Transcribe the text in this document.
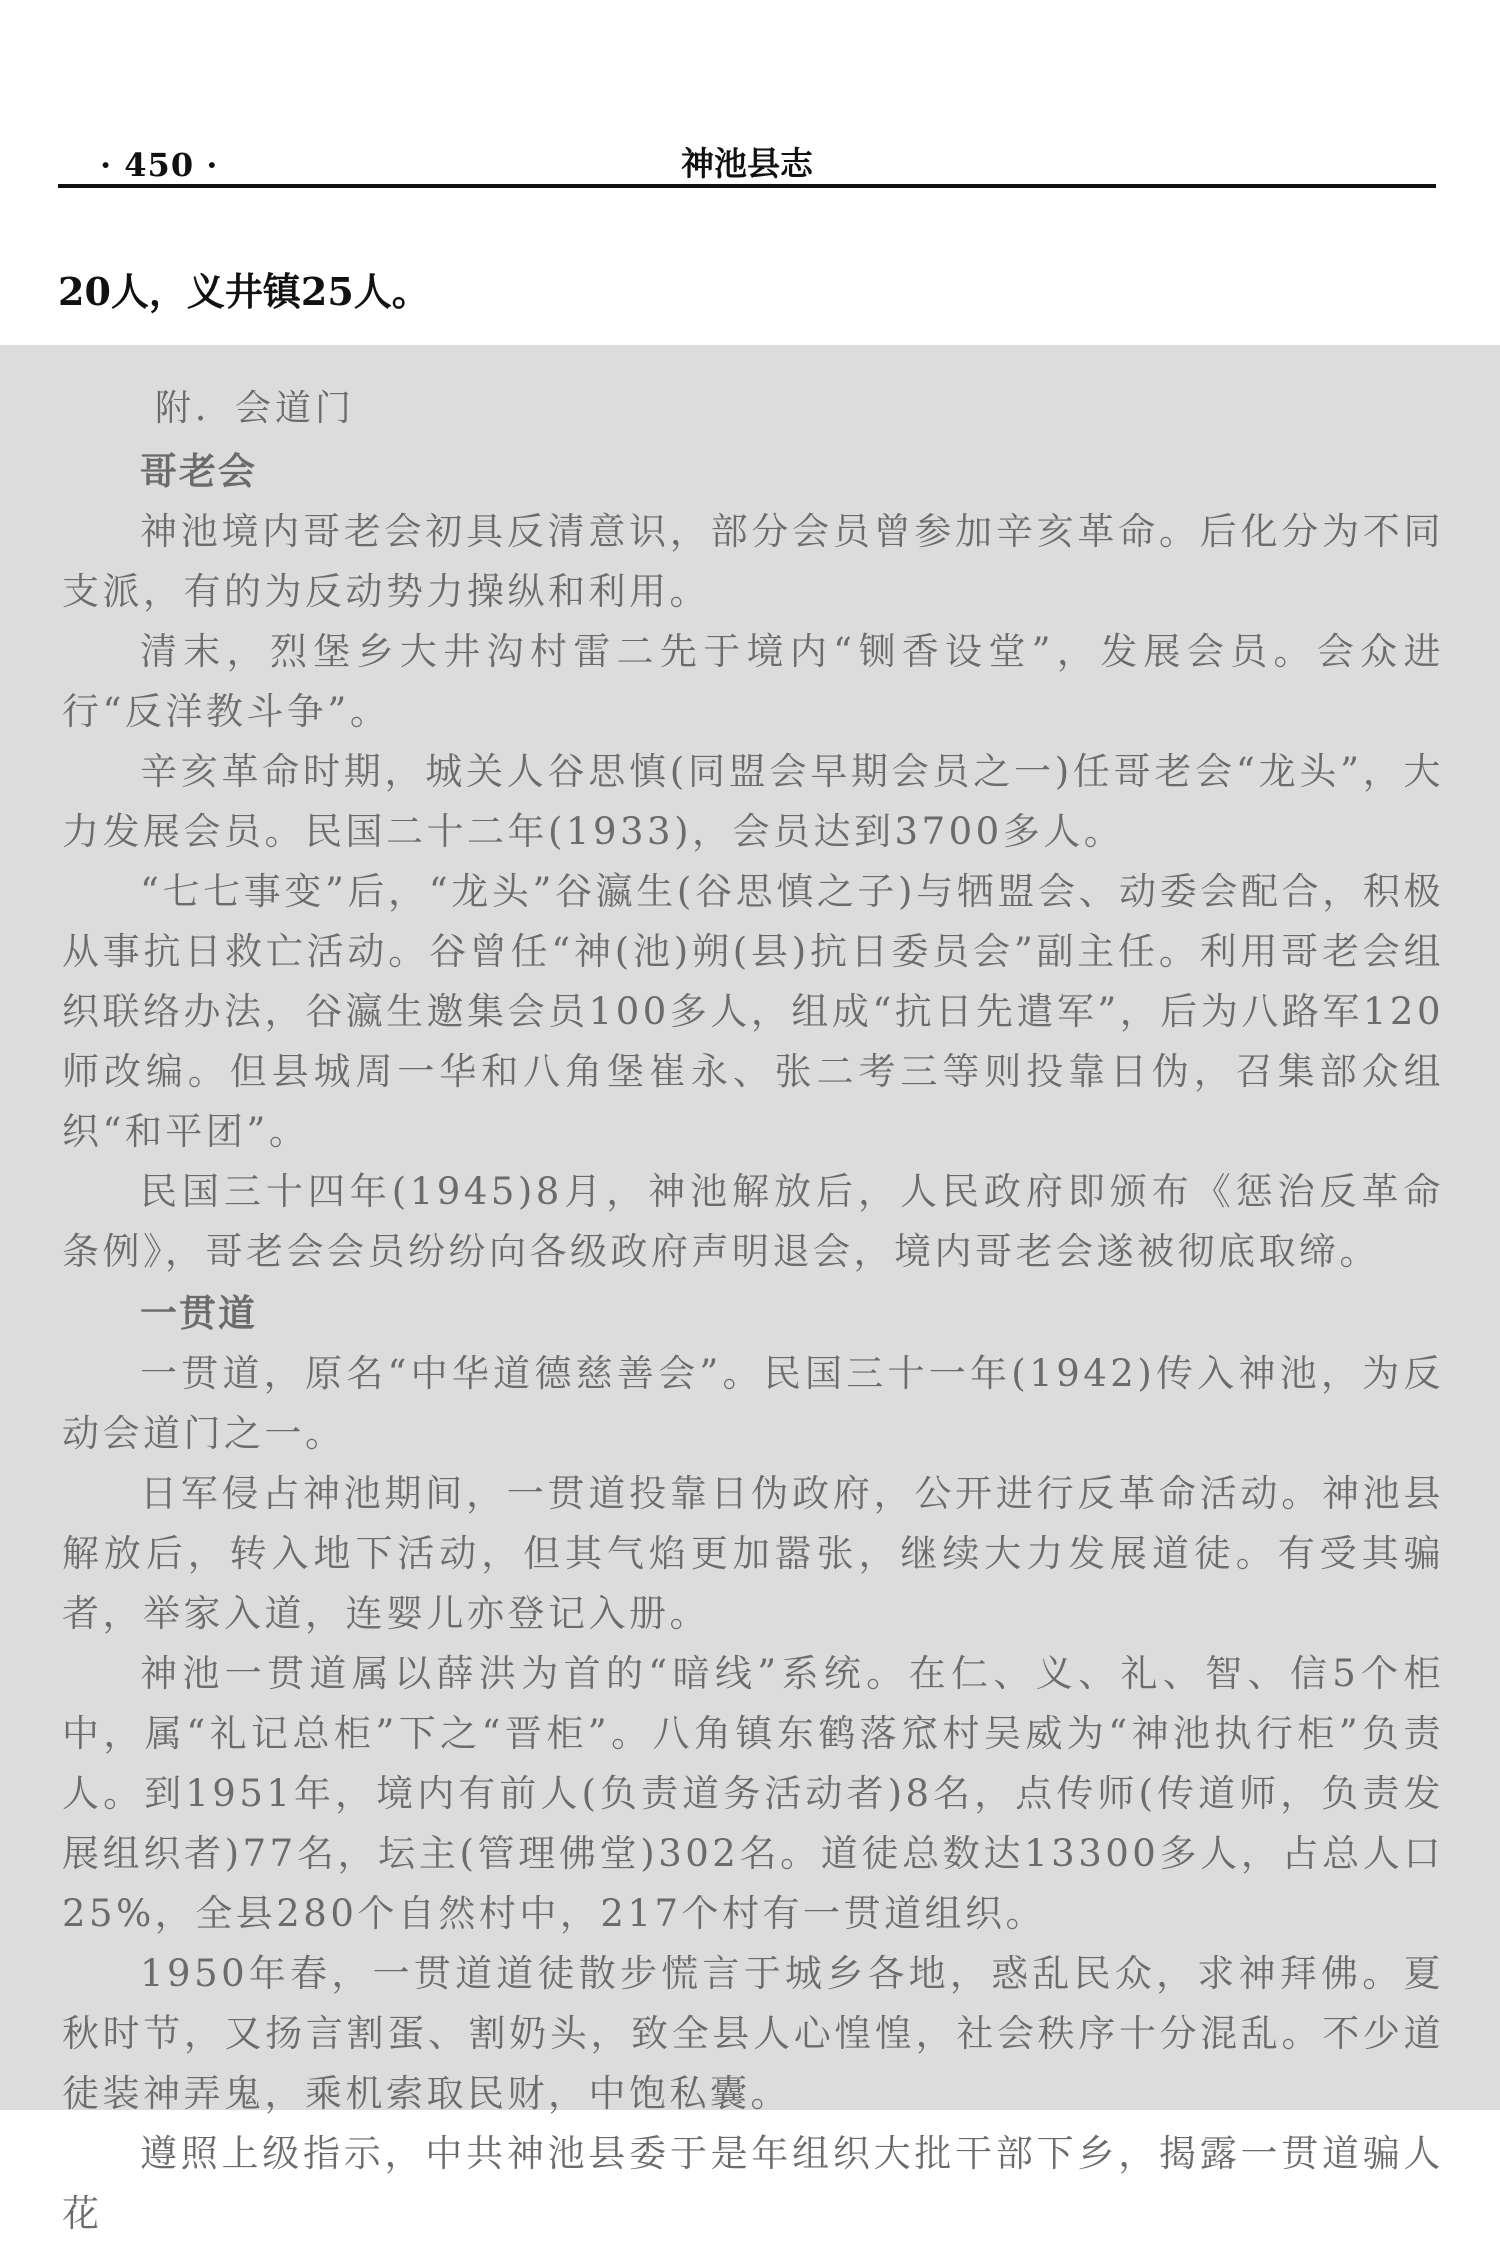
· 450 ·	神池县志
20人，义井镇25人。
附．会道门
哥老会

神池境内哥老会初具反清意识，部分会员曾参加辛亥革命。后化分为不同支派，有的为反动势力操纵和利用。

清末，烈堡乡大井沟村雷二先于境内“铡香设堂”，发展会员。会众进行“反洋教斗争”。

辛亥革命时期，城关人谷思慎(同盟会早期会员之一)任哥老会“龙头”，大力发展会员。民国二十二年(1933)，会员达到3700多人。

“七七事变”后，“龙头”谷瀛生(谷思慎之子)与牺盟会、动委会配合，积极从事抗日救亡活动。谷曾任“神(池)朔(县)抗日委员会”副主任。利用哥老会组织联络办法，谷瀛生邀集会员100多人，组成“抗日先遣军”，后为八路军120师改编。但县城周一华和八角堡崔永、张二考三等则投靠日伪，召集部众组织“和平团”。

民国三十四年(1945)8月，神池解放后，人民政府即颁布《惩治反革命条例》，哥老会会员纷纷向各级政府声明退会，境内哥老会遂被彻底取缔。

一贯道

一贯道，原名“中华道德慈善会”。民国三十一年(1942)传入神池，为反动会道门之一。

日军侵占神池期间，一贯道投靠日伪政府，公开进行反革命活动。神池县解放后，转入地下活动，但其气焰更加嚣张，继续大力发展道徒。有受其骗者，举家入道，连婴儿亦登记入册。

神池一贯道属以薛洪为首的“暗线”系统。在仁、义、礼、智、信5个柜中，属“礼记总柜”下之“晋柜”。八角镇东鹤落窊村吴威为“神池执行柜”负责人。到1951年，境内有前人(负责道务活动者)8名，点传师(传道师，负责发展组织者)77名，坛主(管理佛堂)302名。道徒总数达13300多人，占总人口25%，全县280个自然村中，217个村有一贯道组织。

1950年春，一贯道道徒散步慌言于城乡各地，惑乱民众，求神拜佛。夏秋时节，又扬言割蛋、割奶头，致全县人心惶惶，社会秩序十分混乱。不少道徒装神弄鬼，乘机索取民财，中饱私囊。

遵照上级指示，中共神池县委于是年组织大批干部下乡，揭露一贯道骗人花
